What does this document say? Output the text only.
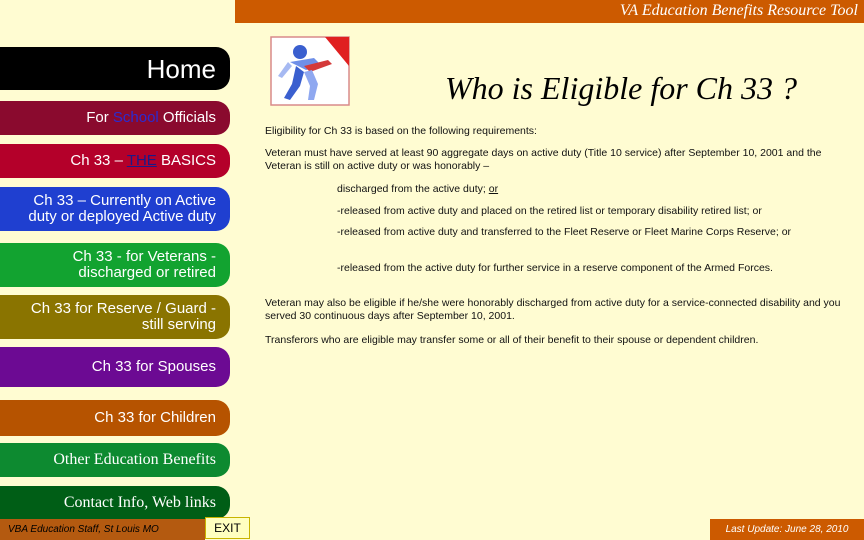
VA Education Benefits Resource Tool
Home
For School Officials
Ch 33 – THE BASICS
Ch 33 – Currently on Active
duty or deployed Active duty
Ch 33 - for Veterans -
discharged or retired
Ch 33 for Reserve / Guard -
still serving
Ch 33 for Spouses
Ch 33 for Children
Other Education Benefits
Contact Info, Web links
Who is Eligible for Ch 33 ?
Eligibility for Ch 33 is based on the following requirements:
Veteran must have served at least 90 aggregate days on active duty (Title 10 service) after September 10, 2001 and the Veteran is still on active duty or was honorably –
discharged from the active duty; or
-released from active duty and placed on the retired list or temporary disability retired list; or
-released from active duty and transferred to the Fleet Reserve or Fleet Marine Corps Reserve; or
-released from the active duty for further service in a reserve component of the Armed Forces.
Veteran may also be eligible if he/she were honorably discharged from active duty for a service-connected disability and you served 30 continuous days after September 10, 2001.
Transferors who are eligible may transfer some or all of their benefit to their spouse or dependent children.
VBA Education Staff, St Louis MO	EXIT	Last Update: June 28, 2010
